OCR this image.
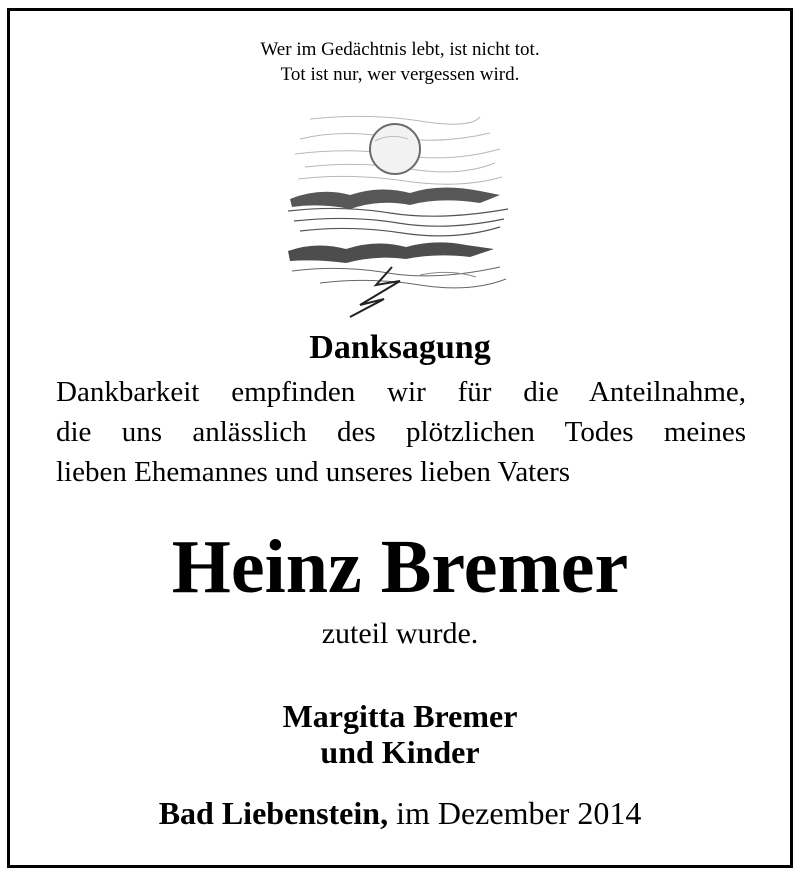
Wer im Gedächtnis lebt, ist nicht tot.
Tot ist nur, wer vergessen wird.
Danksagung
Dankbarkeit empfinden wir für die Anteilnahme,
die uns anlässlich des plötzlichen Todes meines
lieben Ehemannes und unseres lieben Vaters
Heinz Bremer
zuteil wurde.
Margitta Bremer
und Kinder
Bad Liebenstein, im Dezember 2014
